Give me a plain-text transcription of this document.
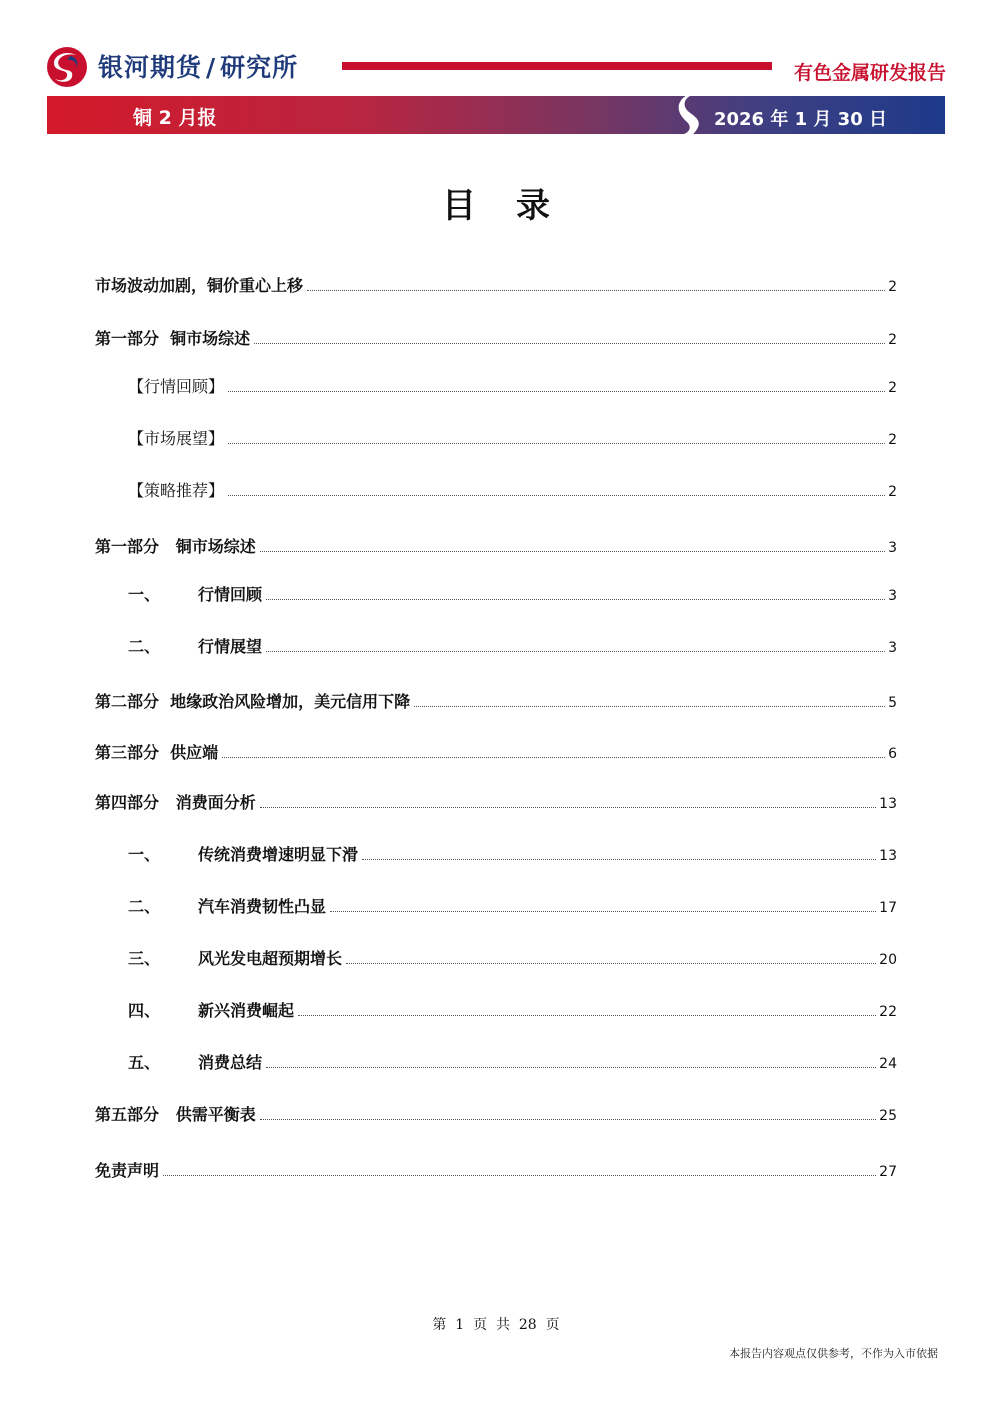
银河期货 / 研究所	有色金属研发报告
铜 2 月报	2026 年 1 月 30 日
目录
市场波动加剧，铜价重心上移	2
第一部分  铜市场综述	2
【行情回顾】	2
【市场展望】	2
【策略推荐】	2
第一部分   铜市场综述	3
一、	行情回顾	3
二、	行情展望	3
第二部分  地缘政治风险增加，美元信用下降	5
第三部分  供应端	6
第四部分   消费面分析	13
一、	传统消费增速明显下滑	13
二、	汽车消费韧性凸显	17
三、	风光发电超预期增长	20
四、	新兴消费崛起	22
五、	消费总结	24
第五部分   供需平衡表	25
免责声明	27
第  1  页  共  28  页
本报告内容观点仅供参考，不作为入市依据
